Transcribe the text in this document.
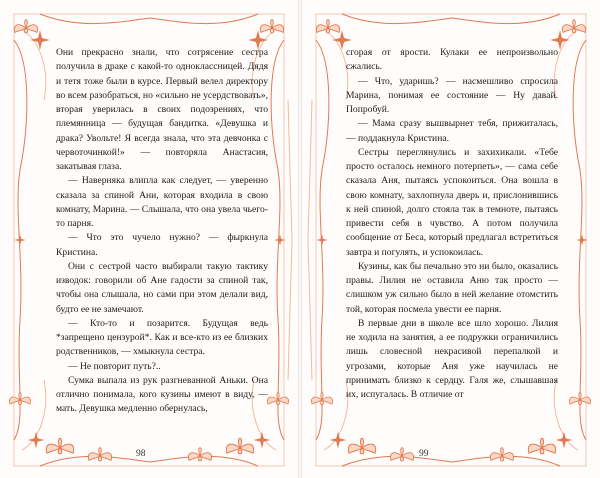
Они прекрасно знали, что сотрясение сестра получила в драке с какой-то одноклассницей. Дядя и тетя тоже были в курсе. Первый велел директору во всем разобраться, но «сильно не усердствовать», вторая уверилась в своих подозрениях, что племянница — будущая бандитка. «Девушка и драка? Увольте! Я всегда знала, что эта девчонка с червоточинкой!» — повторяла Анастасия, закатывая глаза.

— Наверняка влипла как следует, — уверенно сказала за спиной Ани, которая входила в свою комнату, Марина. — Слышала, что она увела чьего-то парня.

— Что это чучело нужно? — фыркнула Кристина.

Они с сестрой часто выбирали такую тактику изводок: говорили об Ане гадости за спиной так, чтобы она слышала, но сами при этом делали вид, будто ее не замечают.

— Кто-то и позарится. Будущая ведь *запрещено цензурой*. Как и все-кто из ее близких родственников, — хмыкнула сестра.

— Не повторит путь?..

Сумка выпала из рук разгневанной Аньки. Она отлично понимала, кого кузины имеют в виду, — мать. Девушка медленно обернулась,

98

сгорая от ярости. Кулаки ее непроизвольно сжались.

— Что, ударишь? — насмешливо спросила Марина, понимая ее состояние — Ну давай. Попробуй.

— Мама сразу вышвырнет тебя, прижиталась, — поддакнула Кристина.

Сестры переглянулись и захихикали. «Тебе просто осталось немного потерпеть», — сама себе сказала Аня, пытаясь успокоиться. Она вошла в свою комнату, захлопнула дверь и, прислонившись к ней спиной, долго стояла так в темноте, пытаясь привести себя в чувство. А потом получила сообщение от Беса, который предлагал встретиться завтра и погулять, и успокоилась.

Кузины, как бы печально это ни было, оказались правы. Лилия не оставила Аню так просто — слишком уж сильно было в ней желание отомстить той, которая посмела увести ее парня.

В первые дни в школе все шло хорошо. Лилия не ходила на занятия, а ее подружки ограничились лишь словесной некрасивой перепалкой и угрозами, которые Аня уже научилась не принимать близко к сердцу. Галя же, слышавшая их, испугалась. В отличие от

99
